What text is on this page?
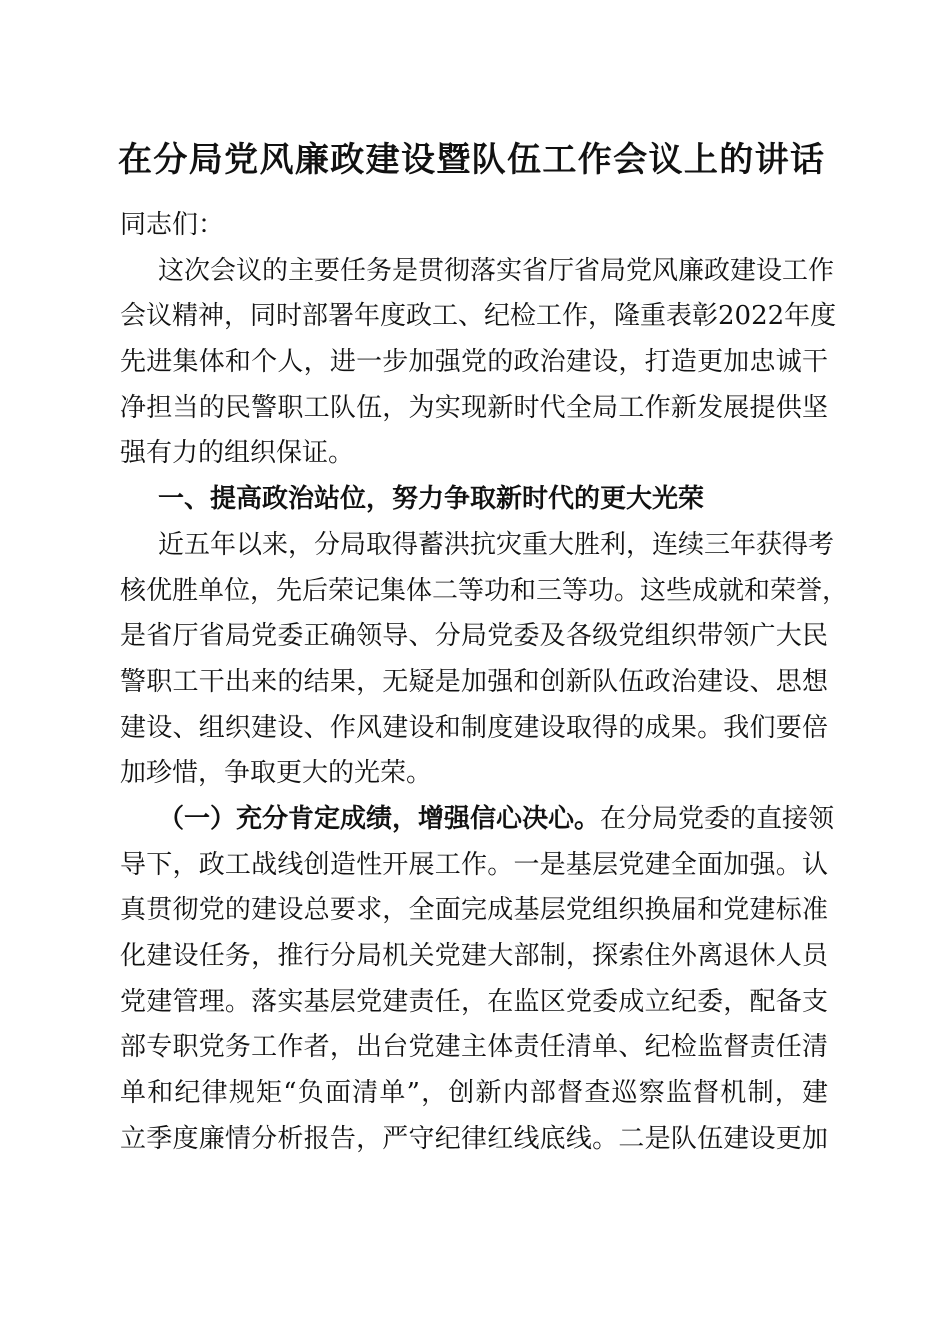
在分局党风廉政建设暨队伍工作会议上的讲话
同志们：
这次会议的主要任务是贯彻落实省厅省局党风廉政建设工作
会议精神，同时部署年度政工、纪检工作，隆重表彰2022年度
先进集体和个人，进一步加强党的政治建设，打造更加忠诚干
净担当的民警职工队伍，为实现新时代全局工作新发展提供坚
强有力的组织保证。
一、提高政治站位，努力争取新时代的更大光荣
近五年以来，分局取得蓄洪抗灾重大胜利，连续三年获得考
核优胜单位，先后荣记集体二等功和三等功。这些成就和荣誉，
是省厅省局党委正确领导、分局党委及各级党组织带领广大民
警职工干出来的结果，无疑是加强和创新队伍政治建设、思想
建设、组织建设、作风建设和制度建设取得的成果。我们要倍
加珍惜，争取更大的光荣。
（一）充分肯定成绩，增强信心决心。 在分局党委的直接领
导下，政工战线创造性开展工作。一是基层党建全面加强。认
真贯彻党的建设总要求，全面完成基层党组织换届和党建标准
化建设任务，推行分局机关党建大部制，探索住外离退休人员
党建管理。落实基层党建责任，在监区党委成立纪委，配备支
部专职党务工作者，出台党建主体责任清单、纪检监督责任清
单和纪律规矩“负面清单”，创新内部督查巡察监督机制，建
立季度廉情分析报告，严守纪律红线底线。二是队伍建设更加
